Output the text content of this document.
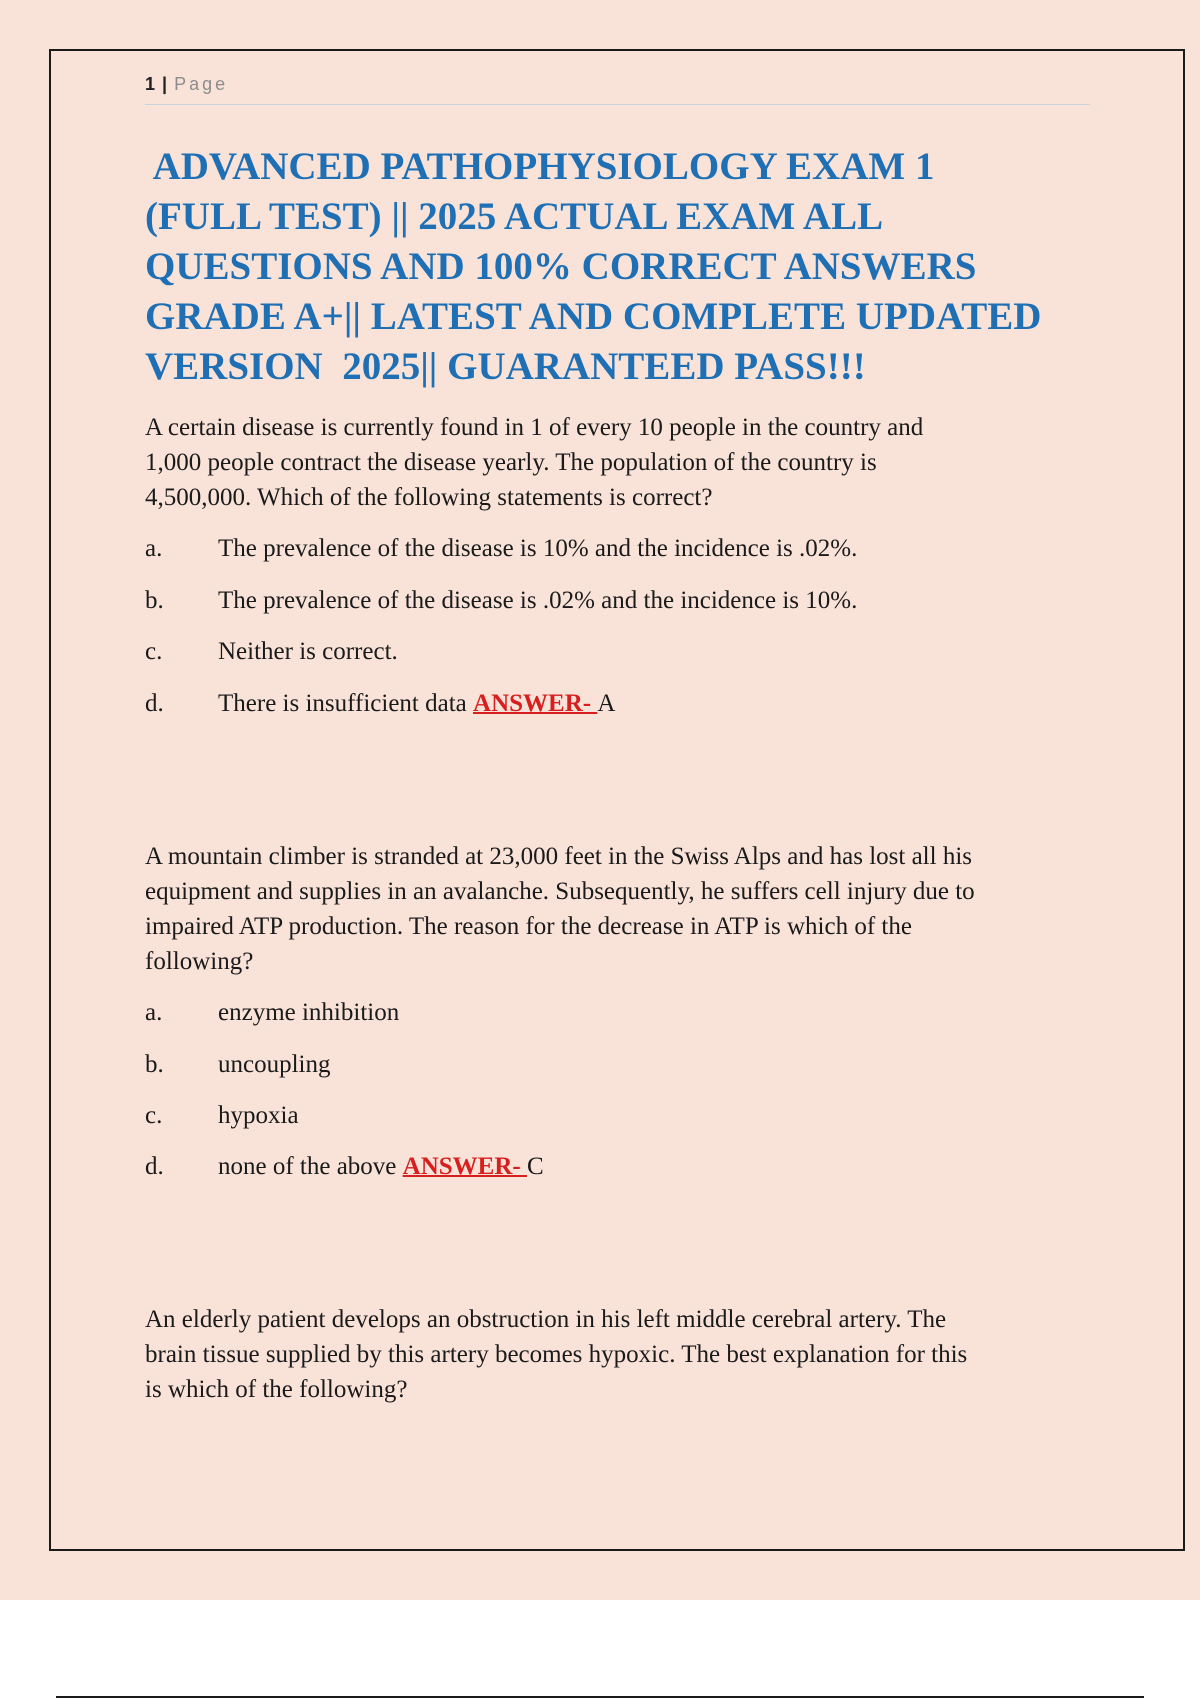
1 | Page
ADVANCED PATHOPHYSIOLOGY EXAM 1
(FULL TEST) || 2025 ACTUAL EXAM ALL
QUESTIONS AND 100% CORRECT ANSWERS
GRADE A+|| LATEST AND COMPLETE UPDATED
VERSION  2025|| GUARANTEED PASS!!!
A certain disease is currently found in 1 of every 10 people in the country and
1,000 people contract the disease yearly. The population of the country is
4,500,000. Which of the following statements is correct?
a. The prevalence of the disease is 10% and the incidence is .02%.
b. The prevalence of the disease is .02% and the incidence is 10%.
c. Neither is correct.
d. There is insufficient data ANSWER- A
A mountain climber is stranded at 23,000 feet in the Swiss Alps and has lost all his
equipment and supplies in an avalanche. Subsequently, he suffers cell injury due to
impaired ATP production. The reason for the decrease in ATP is which of the
following?
a. enzyme inhibition
b. uncoupling
c. hypoxia
d. none of the above ANSWER- C
An elderly patient develops an obstruction in his left middle cerebral artery. The
brain tissue supplied by this artery becomes hypoxic. The best explanation for this
is which of the following?
